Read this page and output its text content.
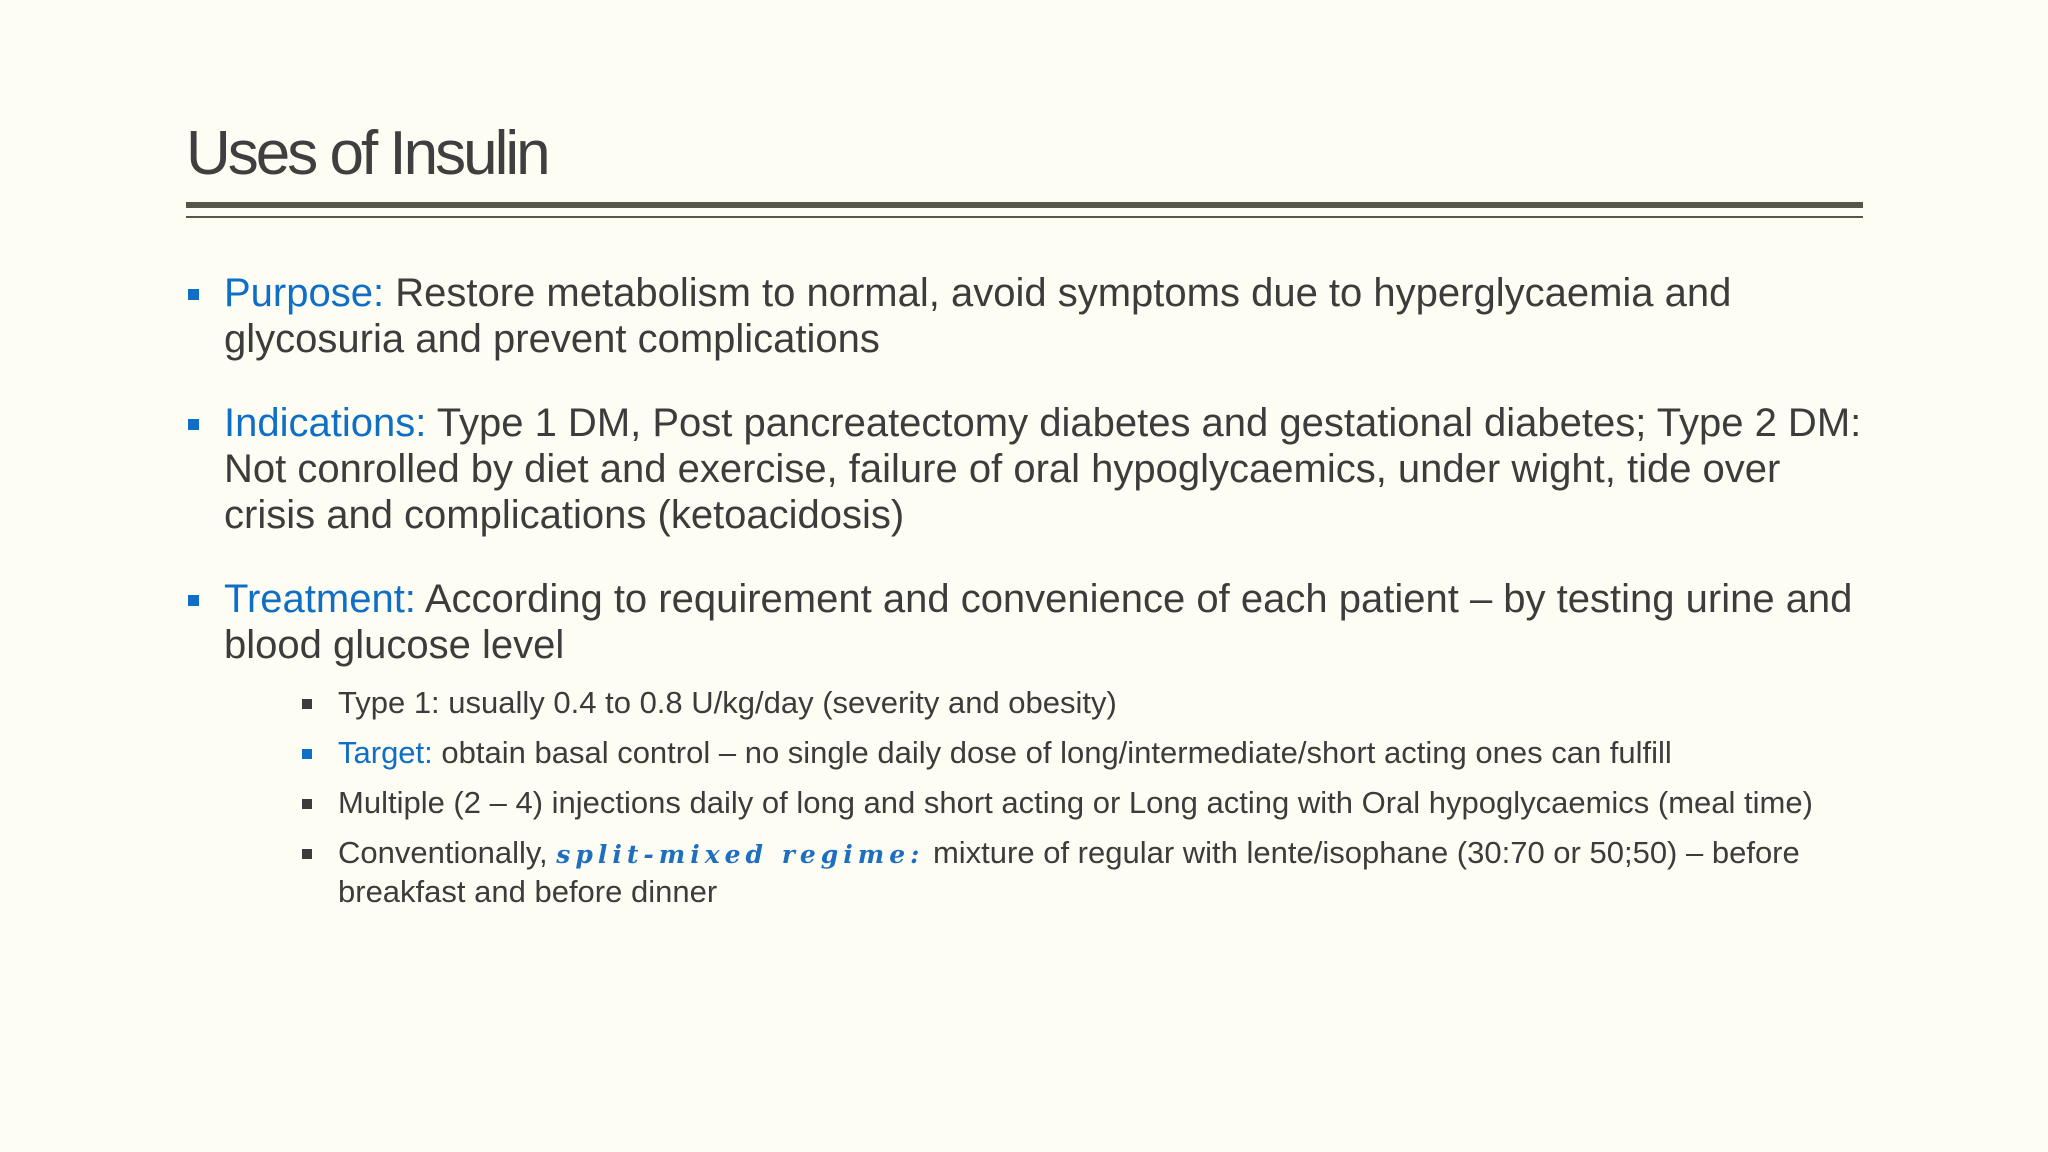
Uses of Insulin
Purpose: Restore metabolism to normal, avoid symptoms due to hyperglycaemia and glycosuria and prevent complications
Indications: Type 1 DM, Post pancreatectomy diabetes and gestational diabetes; Type 2 DM: Not conrolled by diet and exercise, failure of oral hypoglycaemics, under wight, tide over crisis and complications (ketoacidosis)
Treatment: According to requirement and convenience of each patient – by testing urine and blood glucose level
Type 1: usually 0.4 to 0.8 U/kg/day (severity and obesity)
Target: obtain basal control – no single daily dose of long/intermediate/short acting ones can fulfill
Multiple (2 – 4) injections daily of long and short acting or Long acting with Oral hypoglycaemics (meal time)
Conventionally, split-mixed regime: mixture of regular with lente/isophane (30:70 or 50;50) – before breakfast and before dinner
